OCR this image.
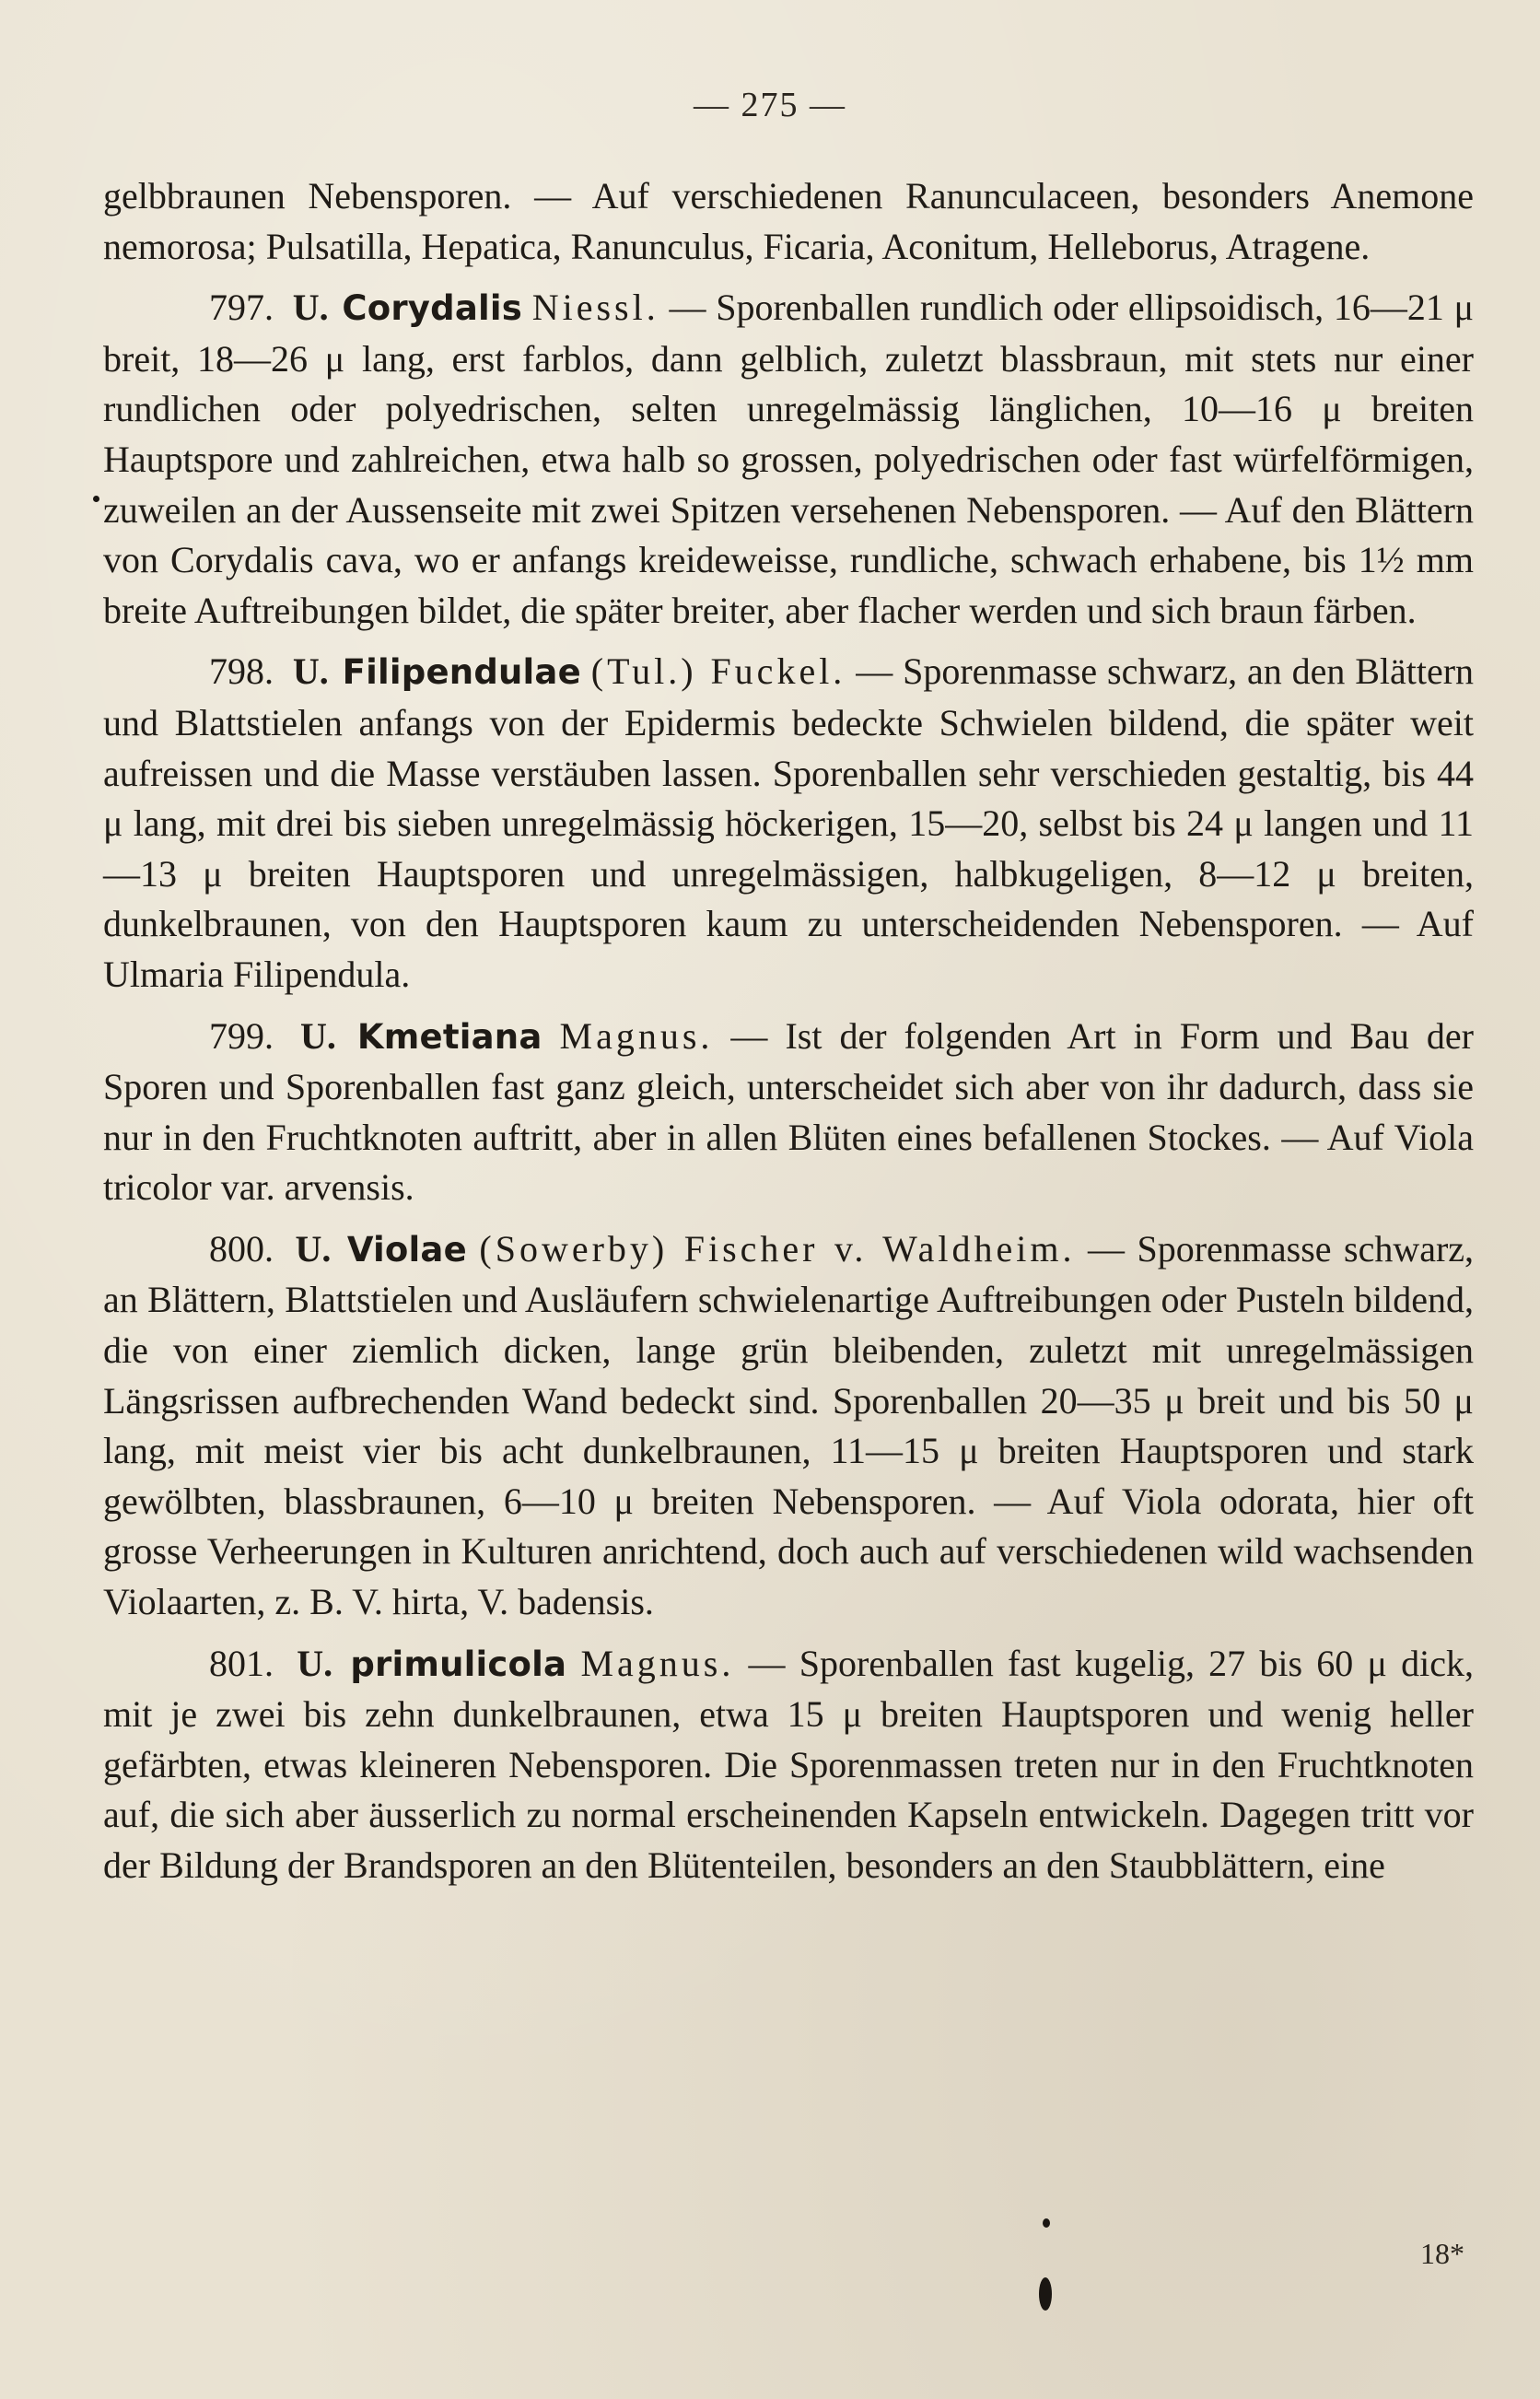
— 275 —

gelbbraunen Nebensporen. — Auf verschiedenen Ranunculaceen, besonders Anemone nemorosa; Pulsatilla, Hepatica, Ranunculus, Ficaria, Aconitum, Helleborus, Atragene.

797. U. Corydalis Niessl. — Sporenballen rundlich oder ellipsoidisch, 16—21 μ breit, 18—26 μ lang, erst farblos, dann gelblich, zuletzt blassbraun, mit stets nur einer rundlichen oder polyedrischen, selten unregelmässig länglichen, 10—16 μ breiten Hauptspore und zahlreichen, etwa halb so grossen, polyedrischen oder fast würfelförmigen, zuweilen an der Aussenseite mit zwei Spitzen versehenen Nebensporen. — Auf den Blättern von Corydalis cava, wo er anfangs kreideweisse, rundliche, schwach erhabene, bis 1½ mm breite Auftreibungen bildet, die später breiter, aber flacher werden und sich braun färben.

798. U. Filipendulae (Tul.) Fuckel. — Sporenmasse schwarz, an den Blättern und Blattstielen anfangs von der Epidermis bedeckte Schwielen bildend, die später weit aufreissen und die Masse verstäuben lassen. Sporenballen sehr verschieden gestaltig, bis 44 μ lang, mit drei bis sieben unregelmässig höckerigen, 15—20, selbst bis 24 μ langen und 11—13 μ breiten Hauptsporen und unregelmässigen, halbkugeligen, 8—12 μ breiten, dunkelbraunen, von den Hauptsporen kaum zu unterscheidenden Nebensporen. — Auf Ulmaria Filipendula.

799. U. Kmetiana Magnus. — Ist der folgenden Art in Form und Bau der Sporen und Sporenballen fast ganz gleich, unterscheidet sich aber von ihr dadurch, dass sie nur in den Fruchtknoten auftritt, aber in allen Blüten eines befallenen Stockes. — Auf Viola tricolor var. arvensis.

800. U. Violae (Sowerby) Fischer v. Waldheim. — Sporenmasse schwarz, an Blättern, Blattstielen und Ausläufern schwielenartige Auftreibungen oder Pusteln bildend, die von einer ziemlich dicken, lange grün bleibenden, zuletzt mit unregelmässigen Längsrissen aufbrechenden Wand bedeckt sind. Sporenballen 20—35 μ breit und bis 50 μ lang, mit meist vier bis acht dunkelbraunen, 11—15 μ breiten Hauptsporen und stark gewölbten, blassbraunen, 6—10 μ breiten Nebensporen. — Auf Viola odorata, hier oft grosse Verheerungen in Kulturen anrichtend, doch auch auf verschiedenen wild wachsenden Violaarten, z. B. V. hirta, V. badensis.

801. U. primulicola Magnus. — Sporenballen fast kugelig, 27 bis 60 μ dick, mit je zwei bis zehn dunkelbraunen, etwa 15 μ breiten Hauptsporen und wenig heller gefärbten, etwas kleineren Nebensporen. Die Sporenmassen treten nur in den Fruchtknoten auf, die sich aber äusserlich zu normal erscheinenden Kapseln entwickeln. Dagegen tritt vor der Bildung der Brandsporen an den Blütenteilen, besonders an den Staubblättern, eine

18*
